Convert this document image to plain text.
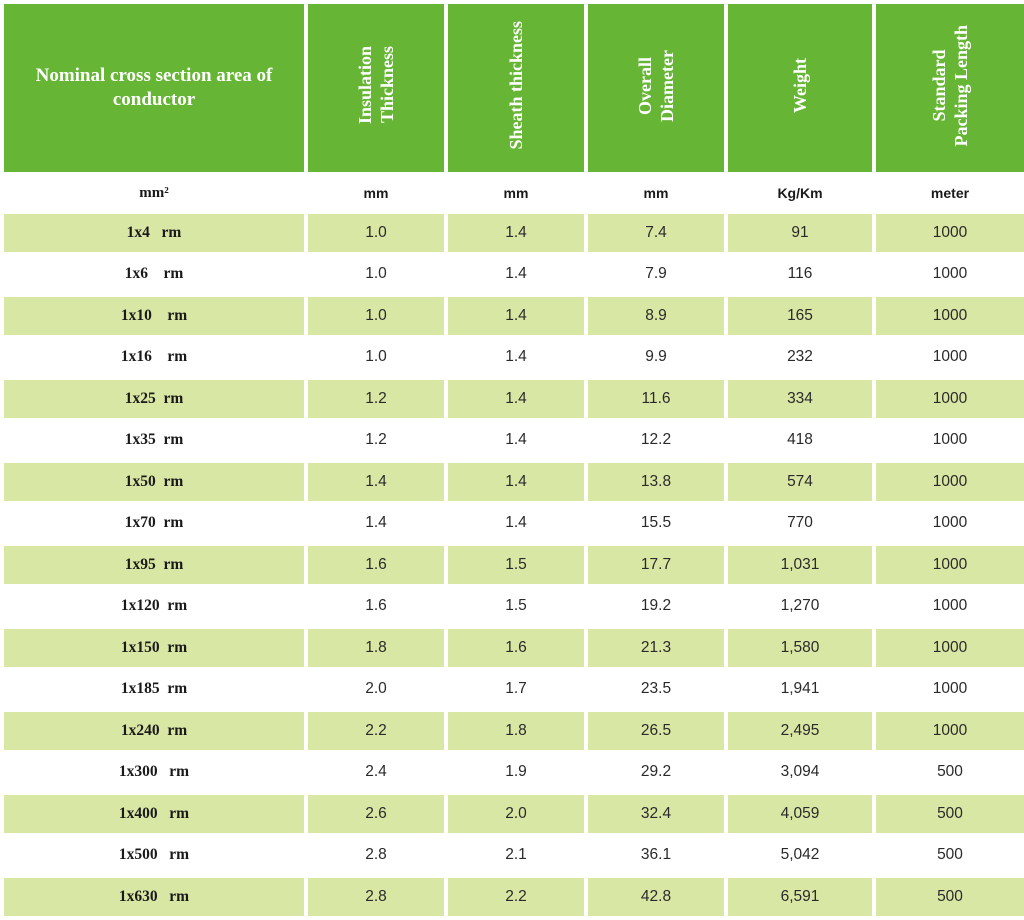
Nominal cross section area of conductor	Insulation Thickness	Sheath thickness	Overall Diameter	Weight	Standard Packing Length
mm²	mm	mm	mm	Kg/Km	meter
1x4   rm	1.0	1.4	7.4	91	1000
1x6    rm	1.0	1.4	7.9	116	1000
1x10    rm	1.0	1.4	8.9	165	1000
1x16    rm	1.0	1.4	9.9	232	1000
1x25  rm	1.2	1.4	11.6	334	1000
1x35  rm	1.2	1.4	12.2	418	1000
1x50  rm	1.4	1.4	13.8	574	1000
1x70  rm	1.4	1.4	15.5	770	1000
1x95  rm	1.6	1.5	17.7	1,031	1000
1x120  rm	1.6	1.5	19.2	1,270	1000
1x150  rm	1.8	1.6	21.3	1,580	1000
1x185  rm	2.0	1.7	23.5	1,941	1000
1x240  rm	2.2	1.8	26.5	2,495	1000
1x300   rm	2.4	1.9	29.2	3,094	500
1x400   rm	2.6	2.0	32.4	4,059	500
1x500   rm	2.8	2.1	36.1	5,042	500
1x630   rm	2.8	2.2	42.8	6,591	500
